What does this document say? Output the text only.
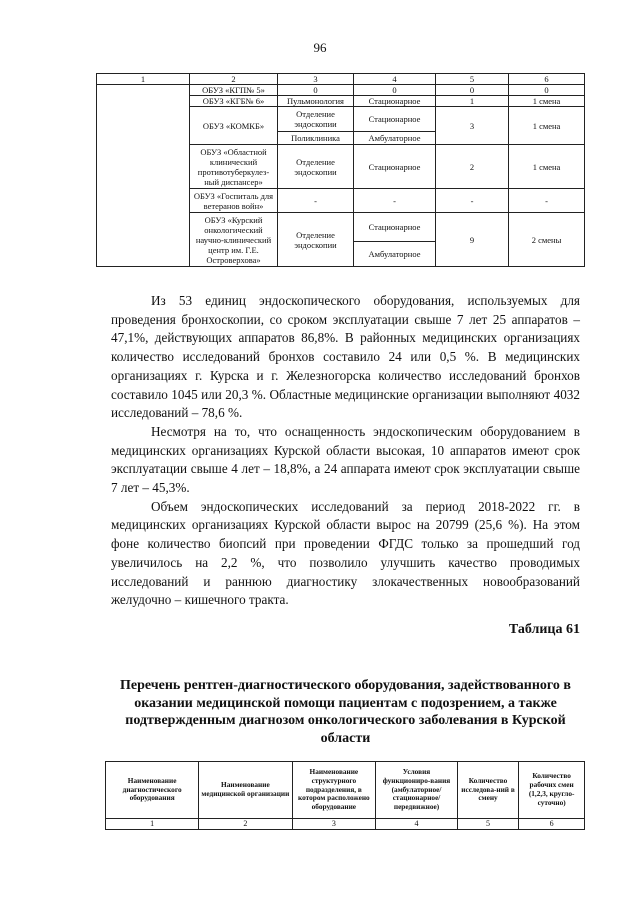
96
1	2	3	4	5	6
	ОБУЗ «КГП№ 5»	0	0	0	0
	ОБУЗ «КГБ№ 6»	Пульмонология	Стационарное	1	1 смена
	ОБУЗ «КОМКБ»	Отделение эндоскопии	Стационарное	3	1 смена
		Поликлиника	Амбулаторное		
	ОБУЗ «Областной клинический противотуберкулез-ный диспансер»	Отделение эндоскопии	Стационарное	2	1 смена
	ОБУЗ «Госпиталь для ветеранов войн»	-	-	-	-
	ОБУЗ «Курский онкологический научно-клинический центр им. Г.Е. Островерхова»	Отделение эндоскопии	Стационарное	9	2 смены
			Амбулаторное		

Из 53 единиц эндоскопического оборудования, используемых для проведения бронхоскопии, со сроком эксплуатации свыше 7 лет 25 аппаратов – 47,1%, действующих аппаратов 86,8%. В районных медицинских организациях количество исследований бронхов составило 24 или 0,5 %. В медицинских организациях г. Курска и г. Железногорска количество исследований бронхов составило 1045 или 20,3 %. Областные медицинские организации выполняют 4032 исследований – 78,6 %.

Несмотря на то, что оснащенность эндоскопическим оборудованием в медицинских организациях Курской области высокая, 10 аппаратов имеют срок эксплуатации свыше 4 лет – 18,8%, а 24 аппарата имеют срок эксплуатации свыше 7 лет – 45,3%.

Объем эндоскопических исследований за период 2018-2022 гг. в медицинских организациях Курской области вырос на 20799 (25,6 %). На этом фоне количество биопсий при проведении ФГДС только за прошедший год увеличилось на 2,2 %, что позволило улучшить качество проводимых исследований и раннюю диагностику злокачественных новообразований желудочно – кишечного тракта.

Таблица 61
Перечень рентген-диагностического оборудования, задействованного в оказании медицинской помощи пациентам с подозрением, а также подтвержденным диагнозом онкологического заболевания в Курской области
Наименование диагностического оборудования	Наименование медицинской организации	Наименование структурного подразделения, в котором расположено оборудование	Условия функциониро-вания (амбулаторное/ стационарное/ передвижное)	Количество исследова-ний в смену	Количество рабочих смен (1,2,3, кругло-суточно)
1	2	3	4	5	6
